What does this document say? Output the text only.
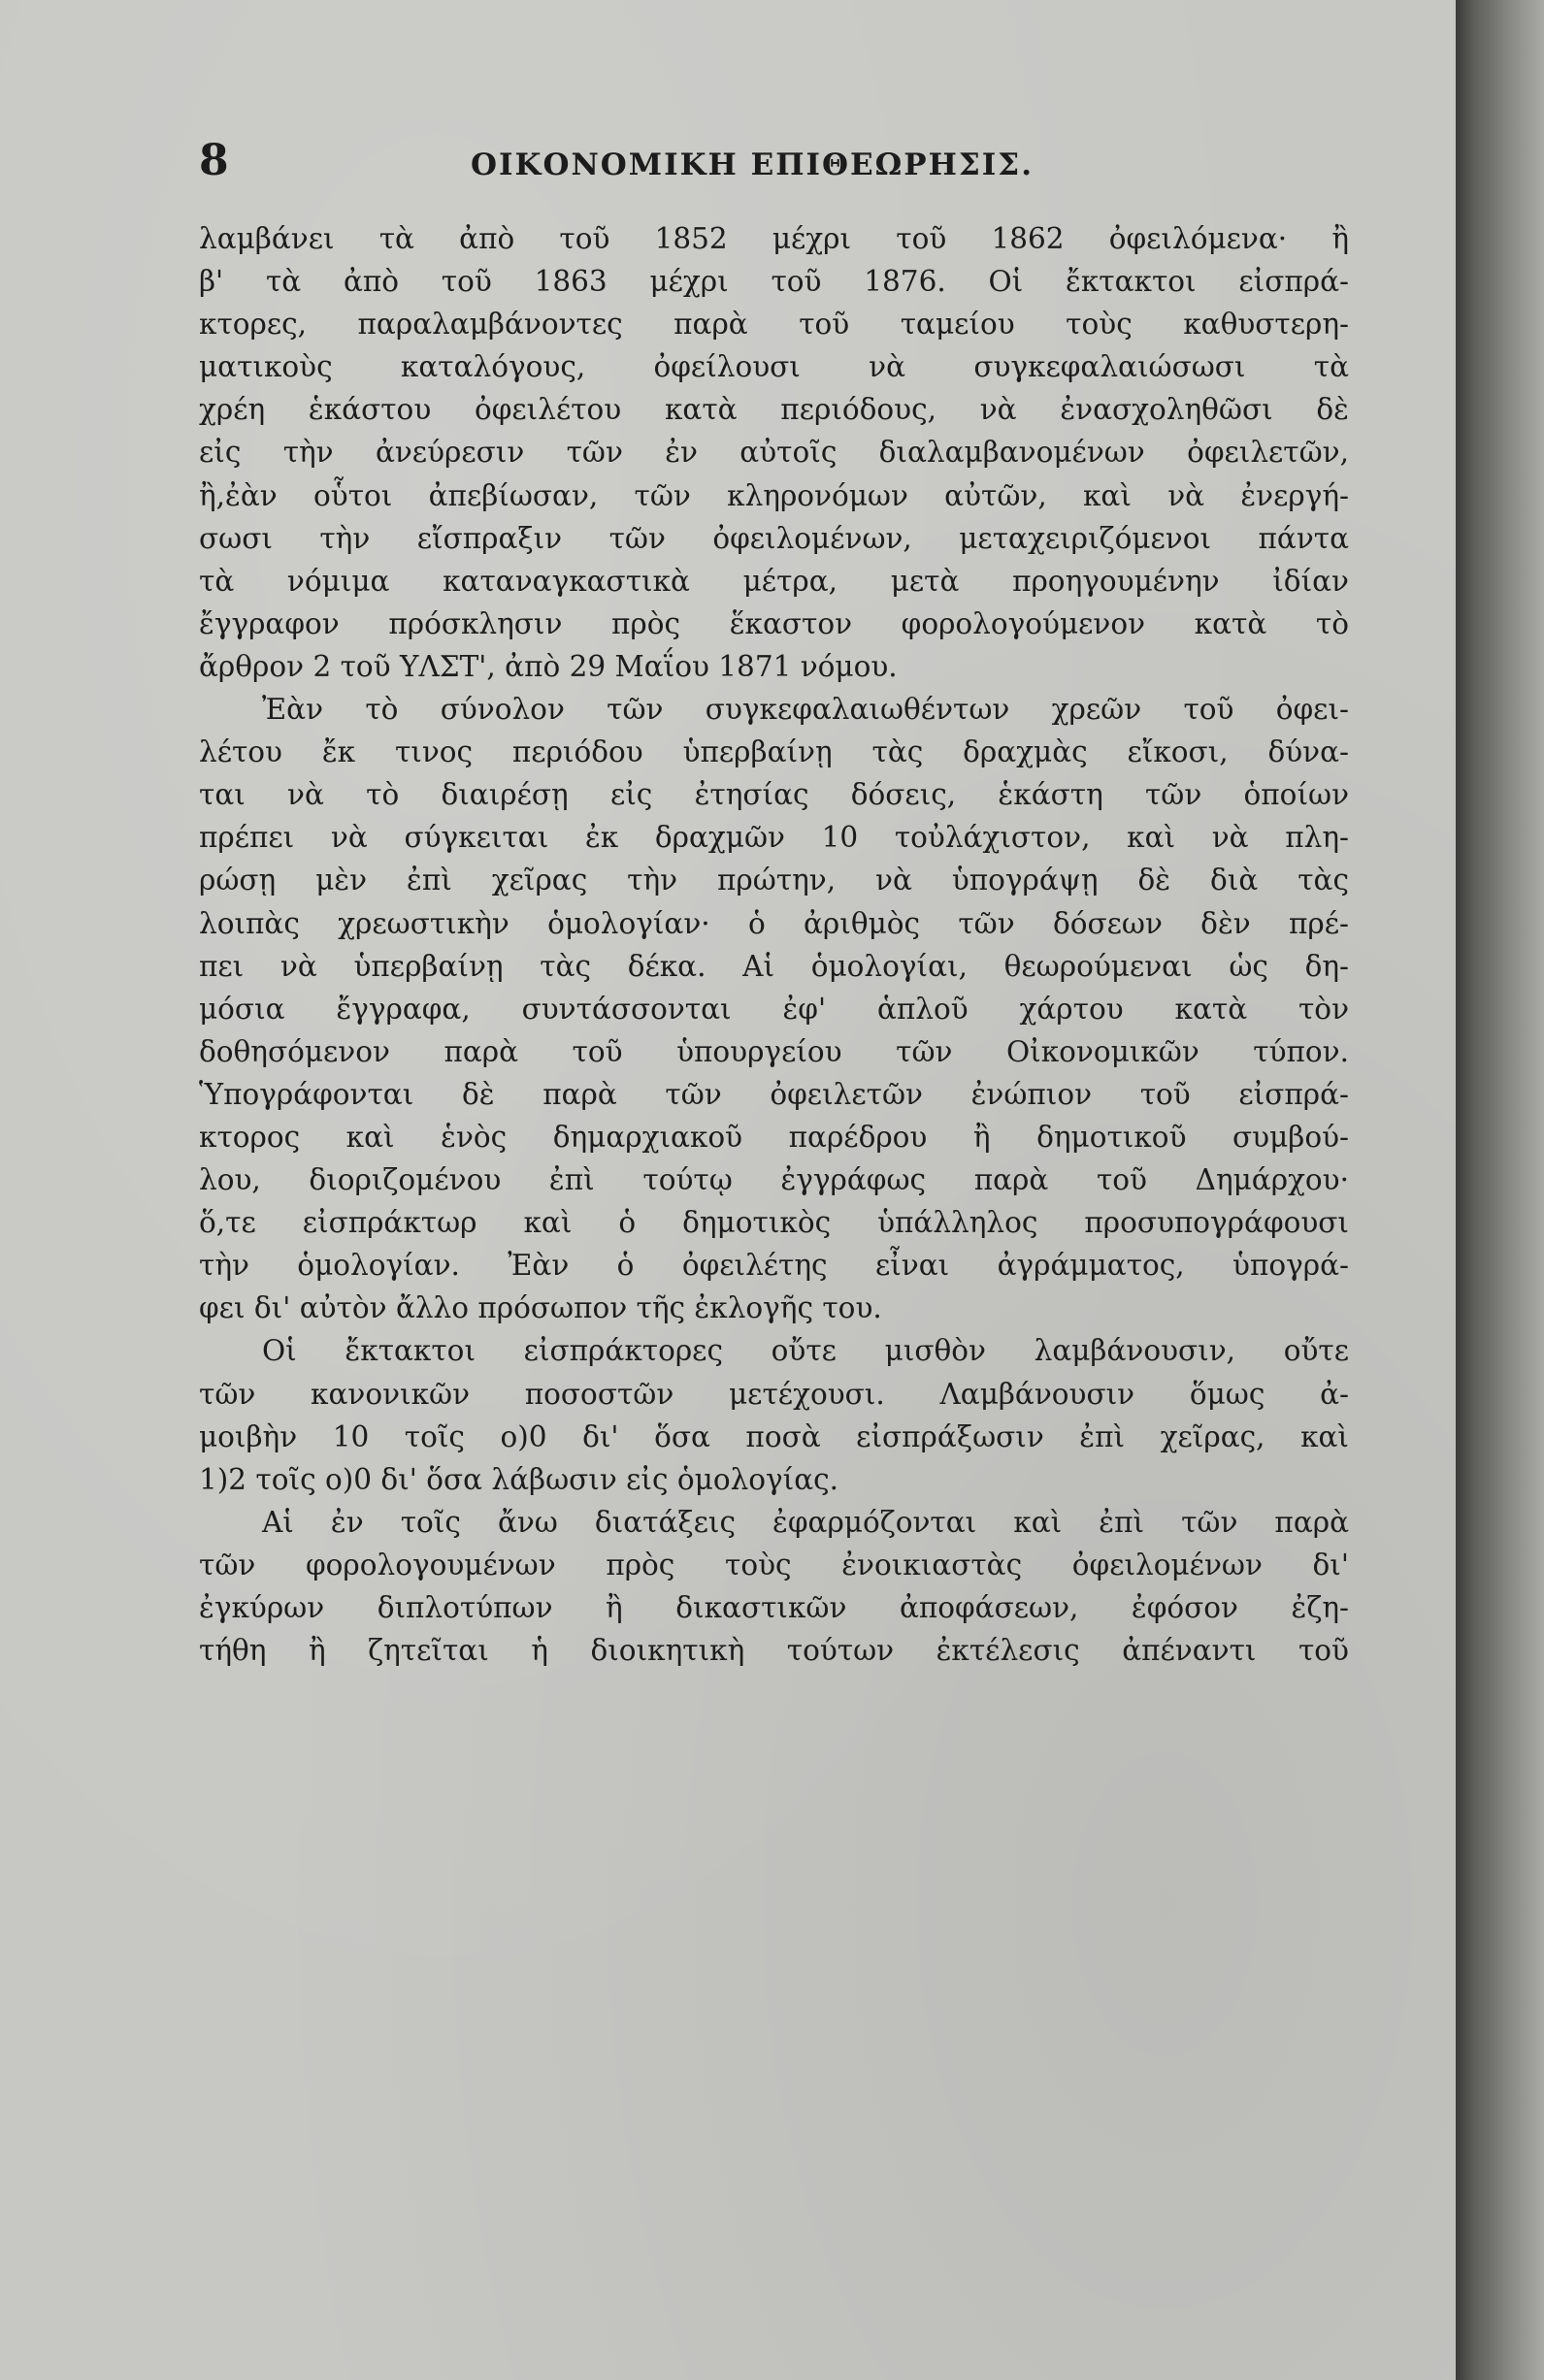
8	ΟΙΚΟΝΟΜΙΚΗ ΕΠΙΘΕΩΡΗΣΙΣ.
λαμβάνει τὰ ἀπὸ τοῦ 1852 μέχρι τοῦ 1862 ὀφειλόμενα· ἢ
β' τὰ ἀπὸ τοῦ 1863 μέχρι τοῦ 1876. Οἱ ἔκτακτοι εἰσπρά-
κτορες, παραλαμβάνοντες παρὰ τοῦ ταμείου τοὺς καθυστερη-
ματικοὺς καταλόγους, ὀφείλουσι νὰ συγκεφαλαιώσωσι τὰ
χρέη ἑκάστου ὀφειλέτου κατὰ περιόδους, νὰ ἐνασχοληθῶσι δὲ
εἰς τὴν ἀνεύρεσιν τῶν ἐν αὐτοῖς διαλαμβανομένων ὀφειλετῶν,
ἢ,ἐὰν οὗτοι ἀπεβίωσαν, τῶν κληρονόμων αὐτῶν, καὶ νὰ ἐνεργή-
σωσι τὴν εἴσπραξιν τῶν ὀφειλομένων, μεταχειριζόμενοι πάντα
τὰ νόμιμα καταναγκαστικὰ μέτρα, μετὰ προηγουμένην ἰδίαν
ἔγγραφον πρόσκλησιν πρὸς ἕκαστον φορολογούμενον κατὰ τὸ
ἄρθρον 2 τοῦ ΥΛΣΤ', ἀπὸ 29 Μαΐου 1871 νόμου.
Ἐὰν τὸ σύνολον τῶν συγκεφαλαιωθέντων χρεῶν τοῦ ὀφει-
λέτου ἔκ τινος περιόδου ὑπερβαίνῃ τὰς δραχμὰς εἴκοσι, δύνα-
ται νὰ τὸ διαιρέσῃ εἰς ἐτησίας δόσεις, ἑκάστη τῶν ὁποίων
πρέπει νὰ σύγκειται ἐκ δραχμῶν 10 τοὐλάχιστον, καὶ νὰ πλη-
ρώσῃ μὲν ἐπὶ χεῖρας τὴν πρώτην, νὰ ὑπογράψῃ δὲ διὰ τὰς
λοιπὰς χρεωστικὴν ὁμολογίαν· ὁ ἀριθμὸς τῶν δόσεων δὲν πρέ-
πει νὰ ὑπερβαίνῃ τὰς δέκα. Αἱ ὁμολογίαι, θεωρούμεναι ὡς δη-
μόσια ἔγγραφα, συντάσσονται ἐφ' ἁπλοῦ χάρτου κατὰ τὸν
δοθησόμενον παρὰ τοῦ ὑπουργείου τῶν Οἰκονομικῶν τύπον.
Ὑπογράφονται δὲ παρὰ τῶν ὀφειλετῶν ἐνώπιον τοῦ εἰσπρά-
κτορος καὶ ἑνὸς δημαρχιακοῦ παρέδρου ἢ δημοτικοῦ συμβού-
λου, διοριζομένου ἐπὶ τούτῳ ἐγγράφως παρὰ τοῦ Δημάρχου·
ὅ,τε εἰσπράκτωρ καὶ ὁ δημοτικὸς ὑπάλληλος προσυπογράφουσι
τὴν ὁμολογίαν. Ἐὰν ὁ ὀφειλέτης εἶναι ἀγράμματος, ὑπογρά-
φει δι' αὐτὸν ἄλλο πρόσωπον τῆς ἐκλογῆς του.
Οἱ ἔκτακτοι εἰσπράκτορες οὔτε μισθὸν λαμβάνουσιν, οὔτε
τῶν κανονικῶν ποσοστῶν μετέχουσι. Λαμβάνουσιν ὅμως ἀ-
μοιβὴν 10 τοῖς ο)0 δι' ὅσα ποσὰ εἰσπράξωσιν ἐπὶ χεῖρας, καὶ
1)2 τοῖς ο)0 δι' ὅσα λάβωσιν εἰς ὁμολογίας.
Αἱ ἐν τοῖς ἄνω διατάξεις ἐφαρμόζονται καὶ ἐπὶ τῶν παρὰ
τῶν φορολογουμένων πρὸς τοὺς ἐνοικιαστὰς ὀφειλομένων δι'
ἐγκύρων διπλοτύπων ἢ δικαστικῶν ἀποφάσεων, ἐφόσον ἐζη-
τήθη ἢ ζητεῖται ἡ διοικητικὴ τούτων ἐκτέλεσις ἀπέναντι τοῦ
